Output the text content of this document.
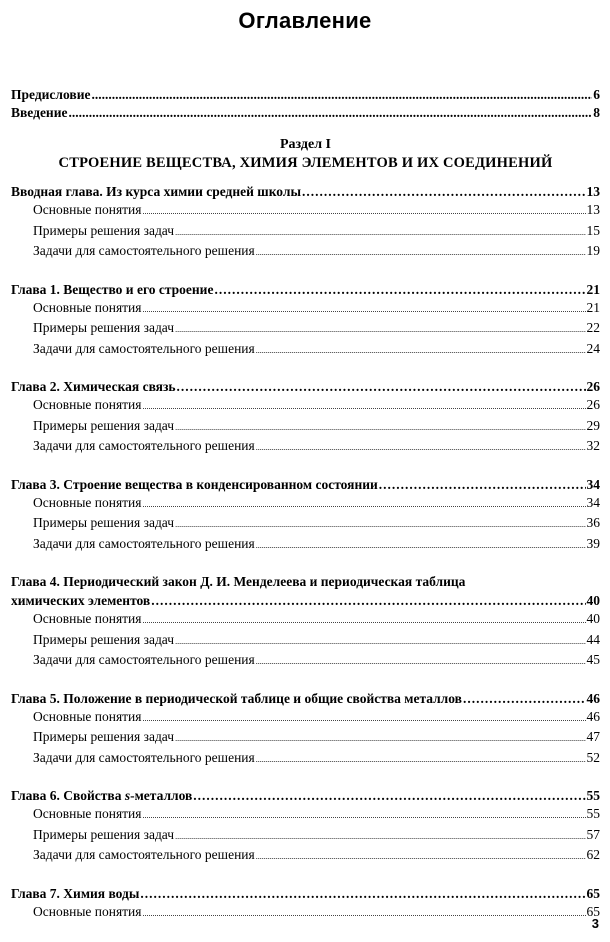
Оглавление
Предисловие .....	6
Введение .....	8
Раздел I
СТРОЕНИЕ ВЕЩЕСТВА, ХИМИЯ ЭЛЕМЕНТОВ И ИХ СОЕДИНЕНИЙ
Вводная глава. Из курса химии средней школы .....	13
Основные понятия .....	13
Примеры решения задач .....	15
Задачи для самостоятельного решения .....	19
Глава 1. Вещество и его строение .....	21
Основные понятия .....	21
Примеры решения задач .....	22
Задачи для самостоятельного решения .....	24
Глава 2. Химическая связь .....	26
Основные понятия .....	26
Примеры решения задач .....	29
Задачи для самостоятельного решения .....	32
Глава 3. Строение вещества в конденсированном состоянии .....	34
Основные понятия .....	34
Примеры решения задач .....	36
Задачи для самостоятельного решения .....	39
Глава 4. Периодический закон Д. И. Менделеева и периодическая таблица
химических элементов .....	40
Основные понятия .....	40
Примеры решения задач .....	44
Задачи для самостоятельного решения .....	45
Глава 5. Положение в периодической таблице и общие свойства металлов .....	46
Основные понятия .....	46
Примеры решения задач .....	47
Задачи для самостоятельного решения .....	52
Глава 6. Свойства s-металлов .....	55
Основные понятия .....	55
Примеры решения задач .....	57
Задачи для самостоятельного решения .....	62
Глава 7. Химия воды .....	65
Основные понятия .....	65
3
